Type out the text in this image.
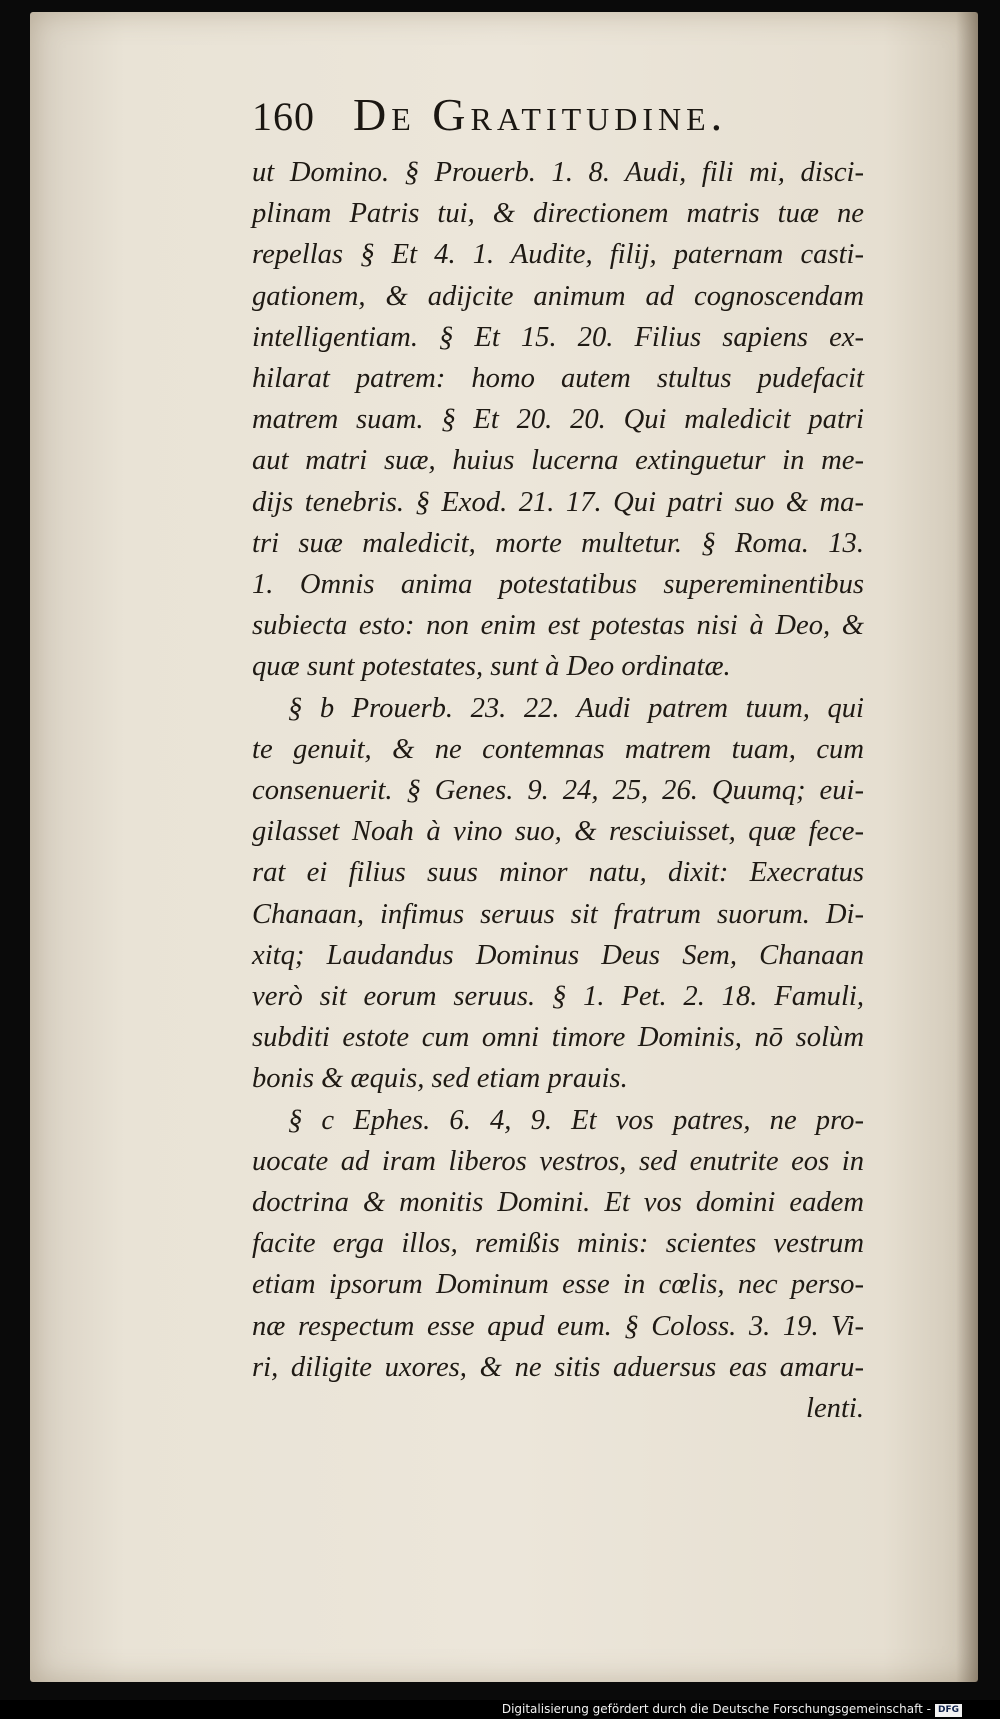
160 De Gratitudine.
ut Domino. § Prouerb. 1. 8. Audi, fili mi, disci-
plinam Patris tui, & directionem matris tuæ ne
repellas § Et 4. 1. Audite, filij, paternam casti-
gationem, & adijcite animum ad cognoscendam
intelligentiam. § Et 15. 20. Filius sapiens ex-
hilarat patrem: homo autem stultus pudefacit
matrem suam. § Et 20. 20. Qui maledicit patri
aut matri suæ, huius lucerna extinguetur in me-
dijs tenebris. § Exod. 21. 17. Qui patri suo & ma-
tri suæ maledicit, morte multetur. § Roma. 13.
1. Omnis anima potestatibus supereminentibus
subiecta esto: non enim est potestas nisi à Deo, &
quæ sunt potestates, sunt à Deo ordinatæ.
§ b Prouerb. 23. 22. Audi patrem tuum, qui
te genuit, & ne contemnas matrem tuam, cum
consenuerit. § Genes. 9. 24, 25, 26. Quumq; eui-
gilasset Noah à vino suo, & resciuisset, quæ fece-
rat ei filius suus minor natu, dixit: Execratus
Chanaan, infimus seruus sit fratrum suorum. Di-
xitq; Laudandus Dominus Deus Sem, Chanaan
verò sit eorum seruus. § 1. Pet. 2. 18. Famuli,
subditi estote cum omni timore Dominis, nō solùm
bonis & æquis, sed etiam prauis.
§ c Ephes. 6. 4, 9. Et vos patres, ne pro-
uocate ad iram liberos vestros, sed enutrite eos in
doctrina & monitis Domini. Et vos domini eadem
facite erga illos, remißis minis: scientes vestrum
etiam ipsorum Dominum esse in cœlis, nec perso-
næ respectum esse apud eum. § Coloss. 3. 19. Vi-
ri, diligite uxores, & ne sitis aduersus eas amaru-
lenti.
Digitalisierung gefördert durch die Deutsche Forschungsgemeinschaft - DFG
